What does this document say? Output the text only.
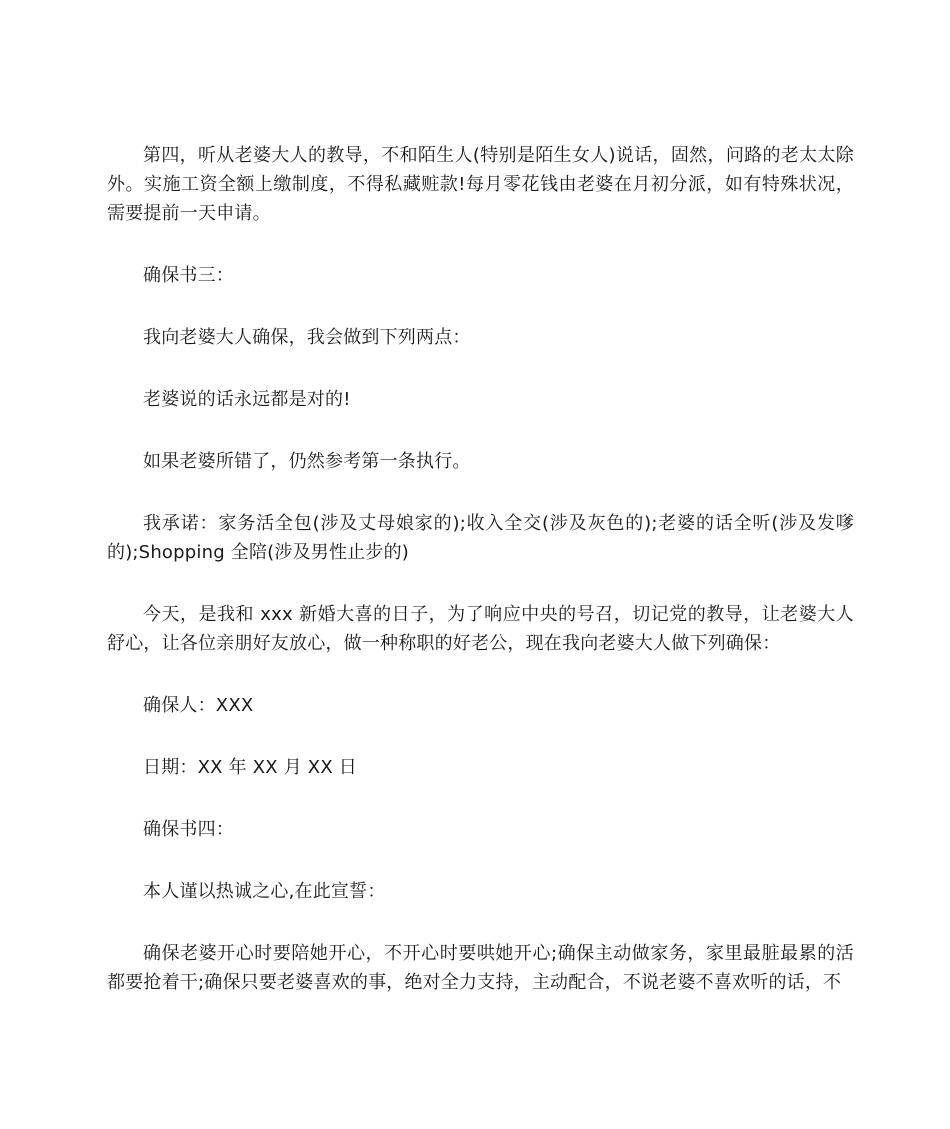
第四，听从老婆大人的教导，不和陌生人(特别是陌生女人)说话，固然，问路的老太太除外。实施工资全额上缴制度，不得私藏赃款!每月零花钱由老婆在月初分派，如有特殊状况，需要提前一天申请。

确保书三：

我向老婆大人确保，我会做到下列两点：

老婆说的话永远都是对的!

如果老婆所错了，仍然参考第一条执行。

我承诺：家务活全包(涉及丈母娘家的);收入全交(涉及灰色的);老婆的话全听(涉及发嗲的);Shopping 全陪(涉及男性止步的)

今天，是我和 xxx 新婚大喜的日子，为了响应中央的号召，切记党的教导，让老婆大人舒心，让各位亲朋好友放心，做一种称职的好老公，现在我向老婆大人做下列确保：

确保人：XXX

日期：XX 年 XX 月 XX 日

确保书四：

本人谨以热诚之心,在此宣誓：

确保老婆开心时要陪她开心，不开心时要哄她开心;确保主动做家务，家里最脏最累的活都要抢着干;确保只要老婆喜欢的事，绝对全力支持，主动配合，不说老婆不喜欢听的话，不
